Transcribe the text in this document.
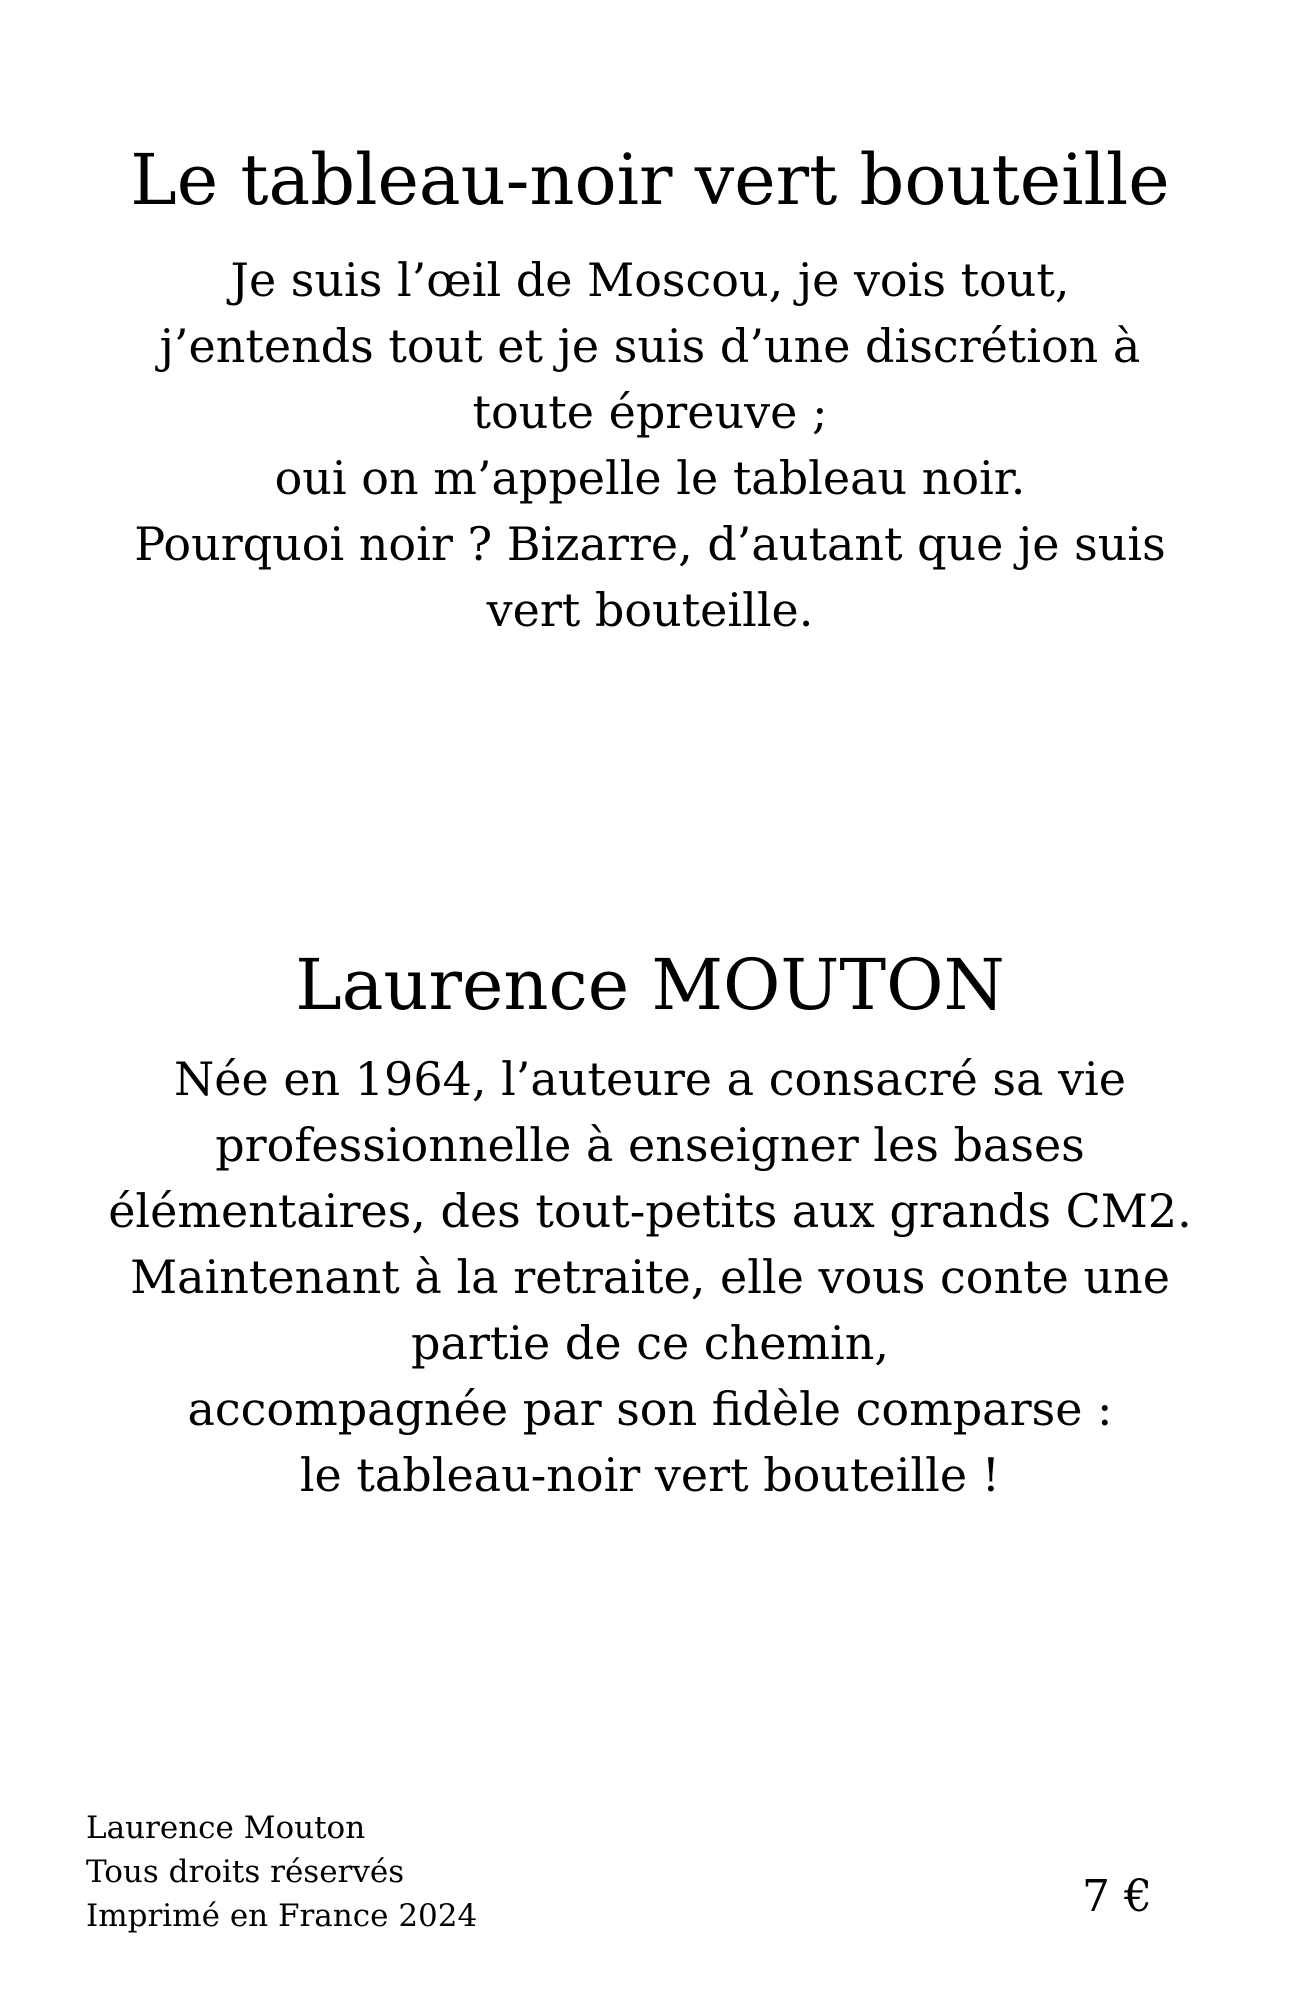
Le tableau-noir vert bouteille
Je suis l’œil de Moscou, je vois tout,
j’entends tout et je suis d’une discrétion à
toute épreuve ;
oui on m’appelle le tableau noir.
Pourquoi noir ? Bizarre, d’autant que je suis
vert bouteille.
Laurence MOUTON
Née en 1964, l’auteure a consacré sa vie
professionnelle à enseigner les bases
élémentaires, des tout-petits aux grands CM2.
Maintenant à la retraite, elle vous conte une
partie de ce chemin,
accompagnée par son fidèle comparse :
le tableau-noir vert bouteille !
Laurence Mouton
Tous droits réservés
Imprimé en France 2024	7 €
